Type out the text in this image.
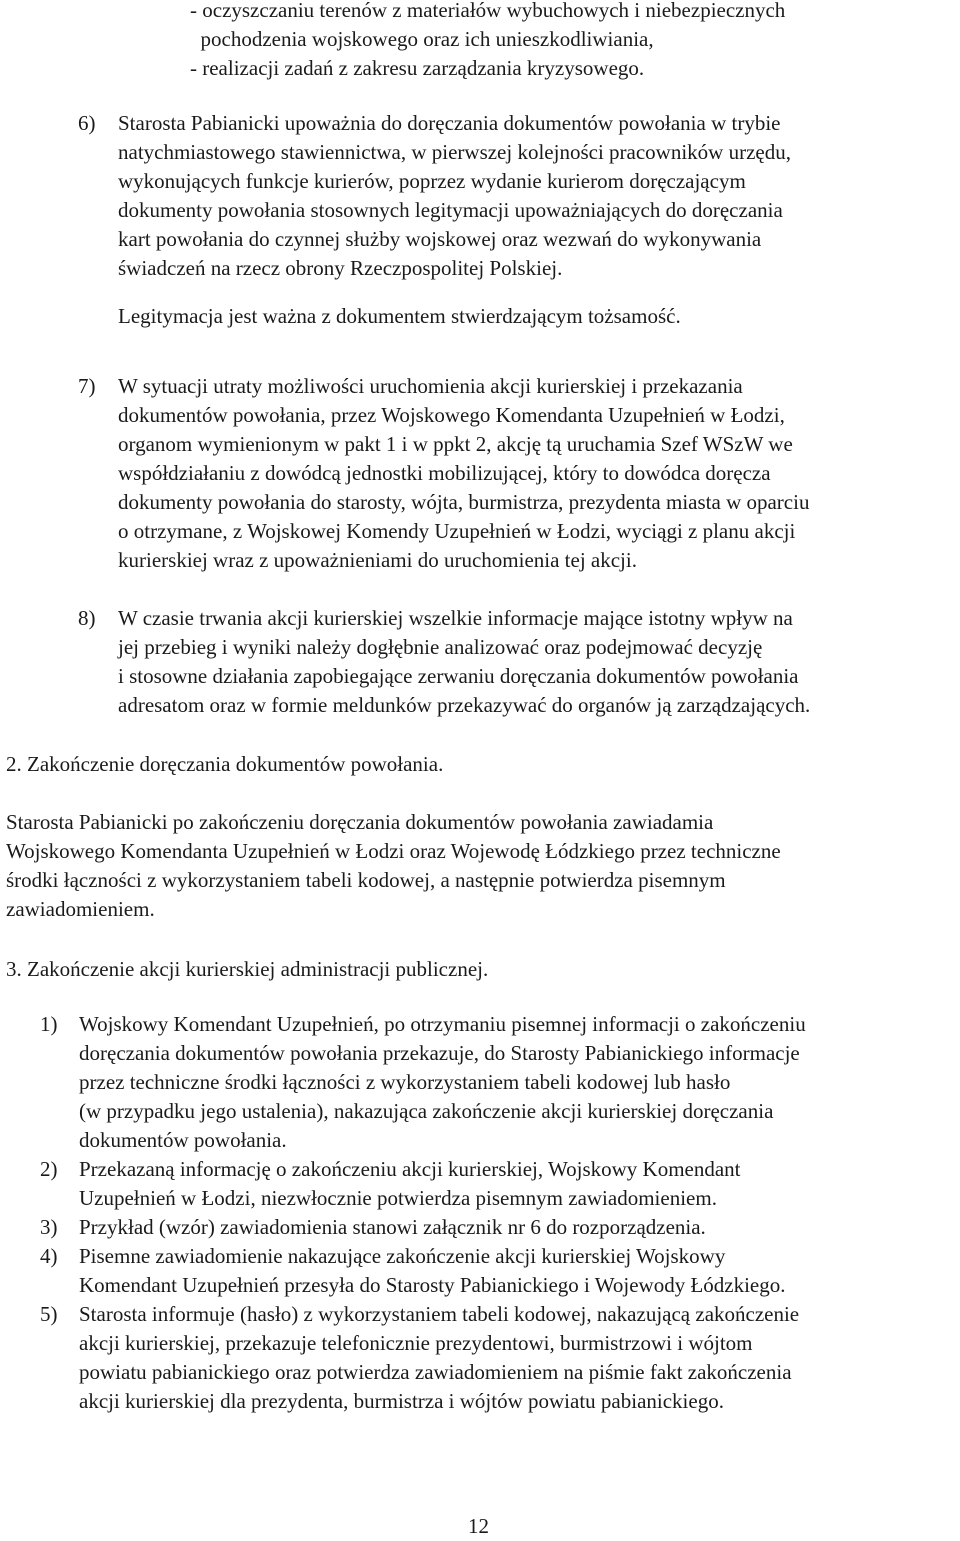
- oczyszczaniu terenów z materiałów wybuchowych i niebezpiecznych
pochodzenia wojskowego oraz ich unieszkodliwiania,
- realizacji zadań z zakresu zarządzania kryzysowego.
6) Starosta Pabianicki upoważnia do doręczania dokumentów powołania w trybie
natychmiastowego stawiennictwa, w pierwszej kolejności pracowników urzędu,
wykonujących funkcje kurierów, poprzez wydanie kurierom doręczającym
dokumenty powołania stosownych legitymacji upoważniających do doręczania
kart powołania do czynnej służby wojskowej oraz wezwań do wykonywania
świadczeń na rzecz obrony Rzeczpospolitej Polskiej.
Legitymacja jest ważna z dokumentem stwierdzającym tożsamość.
7) W sytuacji utraty możliwości uruchomienia akcji kurierskiej i przekazania
dokumentów powołania, przez Wojskowego Komendanta Uzupełnień w Łodzi,
organom wymienionym w pakt 1 i w ppkt 2, akcję tą uruchamia Szef WSzW we
współdziałaniu z dowódcą jednostki mobilizującej, który to dowódca doręcza
dokumenty powołania do starosty, wójta, burmistrza, prezydenta miasta w oparciu
o otrzymane, z Wojskowej Komendy Uzupełnień w Łodzi, wyciągi z planu akcji
kurierskiej wraz z upoważnieniami do uruchomienia tej akcji.
8) W czasie trwania akcji kurierskiej wszelkie informacje mające istotny wpływ na
jej przebieg i wyniki należy dogłębnie analizować oraz podejmować decyzję
i stosowne działania zapobiegające zerwaniu doręczania dokumentów powołania
adresatom oraz w formie meldunków przekazywać do organów ją zarządzających.
2. Zakończenie doręczania dokumentów powołania.
Starosta Pabianicki po zakończeniu doręczania dokumentów powołania zawiadamia
Wojskowego Komendanta Uzupełnień w Łodzi oraz Wojewodę Łódzkiego przez techniczne
środki łączności z wykorzystaniem tabeli kodowej, a następnie potwierdza pisemnym
zawiadomieniem.
3. Zakończenie akcji kurierskiej administracji publicznej.
1) Wojskowy Komendant Uzupełnień, po otrzymaniu pisemnej informacji o zakończeniu
doręczania dokumentów powołania przekazuje, do Starosty Pabianickiego informacje
przez techniczne środki łączności z wykorzystaniem tabeli kodowej lub hasło
(w przypadku jego ustalenia), nakazująca zakończenie akcji kurierskiej doręczania
dokumentów powołania.
2) Przekazaną informację o zakończeniu akcji kurierskiej, Wojskowy Komendant
Uzupełnień w Łodzi, niezwłocznie potwierdza pisemnym zawiadomieniem.
3) Przykład (wzór) zawiadomienia stanowi załącznik nr 6 do rozporządzenia.
4) Pisemne zawiadomienie nakazujące zakończenie akcji kurierskiej Wojskowy
Komendant Uzupełnień przesyła do Starosty Pabianickiego i Wojewody Łódzkiego.
5) Starosta informuje (hasło) z wykorzystaniem tabeli kodowej, nakazującą zakończenie
akcji kurierskiej, przekazuje telefonicznie prezydentowi, burmistrzowi i wójtom
powiatu pabianickiego oraz potwierdza zawiadomieniem na piśmie fakt zakończenia
akcji kurierskiej dla prezydenta, burmistrza i wójtów powiatu pabianickiego.
12
